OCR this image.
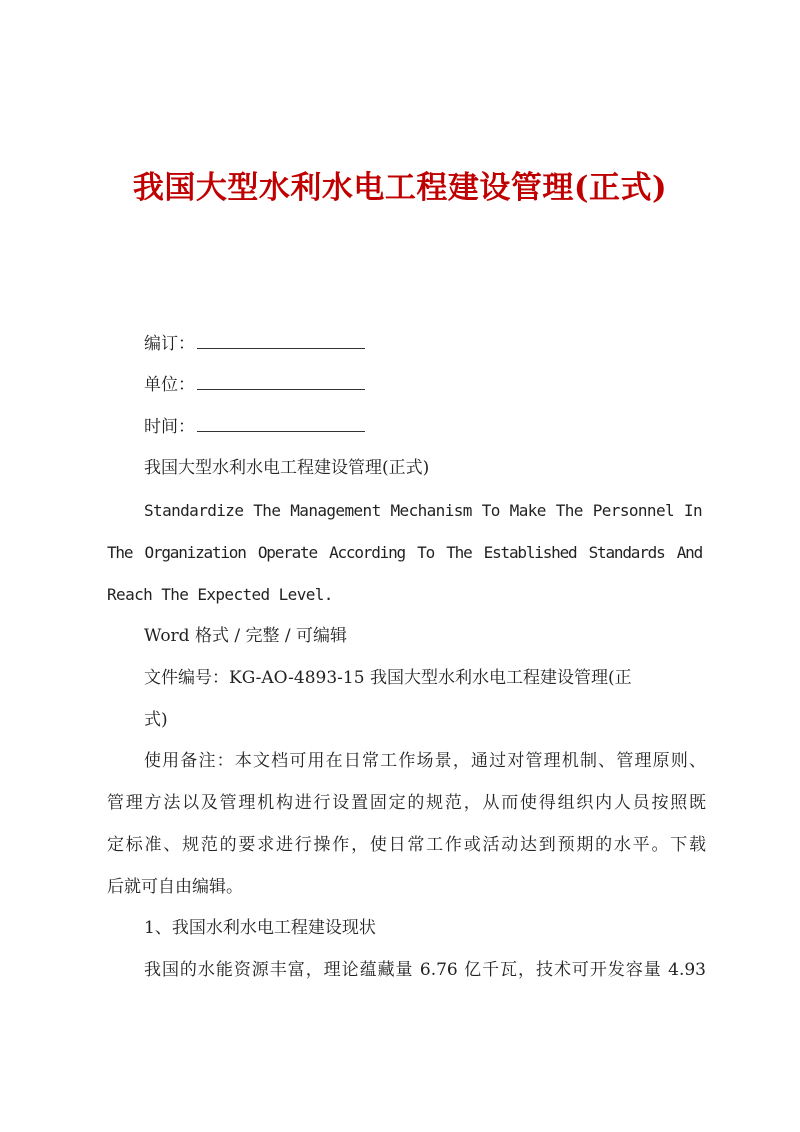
我国大型水利水电工程建设管理(正式)
编订：
单位：
时间：
我国大型水利水电工程建设管理(正式)
Standardize The Management Mechanism To Make The Personnel In
The Organization Operate According To The Established Standards And
Reach The Expected Level.
Word 格式 / 完整 / 可编辑
文件编号：KG-AO-4893-15 我国大型水利水电工程建设管理(正
式)
使用备注：本文档可用在日常工作场景，通过对管理机制、管理原则、
管理方法以及管理机构进行设置固定的规范，从而使得组织内人员按照既
定标准、规范的要求进行操作，使日常工作或活动达到预期的水平。下载
后就可自由编辑。
1、我国水利水电工程建设现状
我国的水能资源丰富，理论蕴藏量 6.76 亿千瓦，技术可开发容量 4.93
